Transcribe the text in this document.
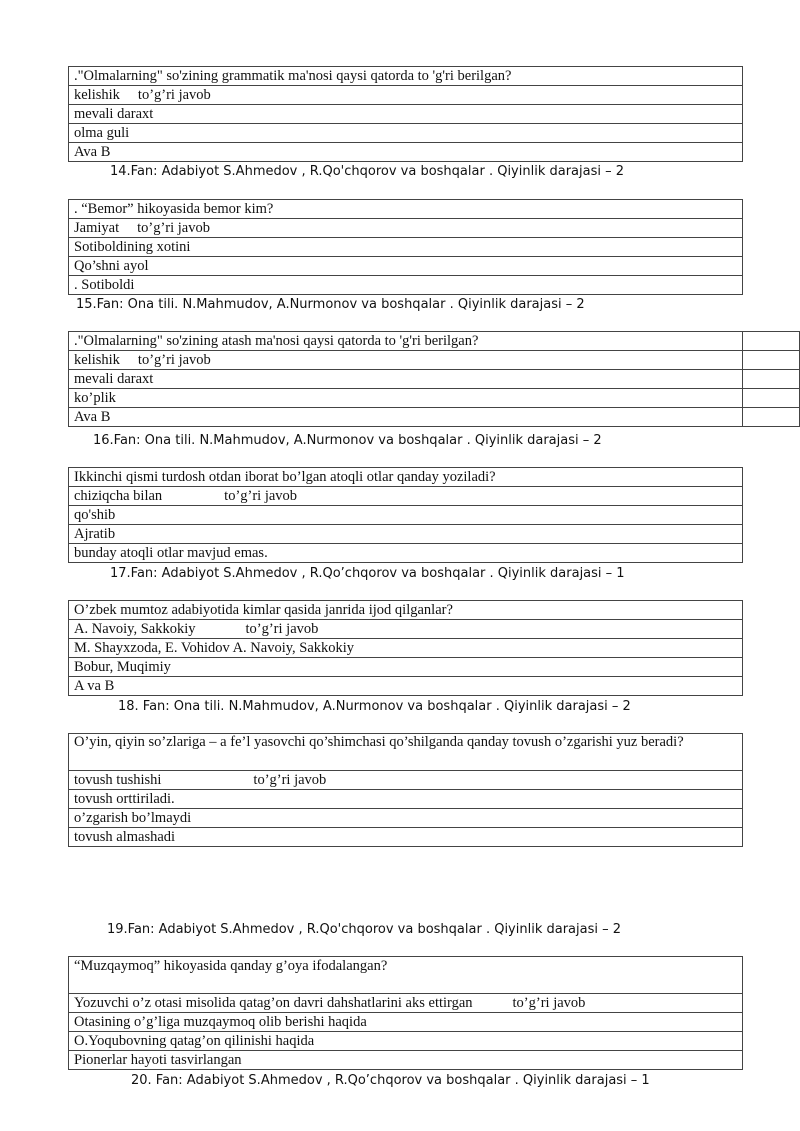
."Olmalarning" so'zining grammatik ma'nosi qaysi qatorda to 'g'ri berilgan?
kelishik to’g’ri javob
mevali daraxt
olma guli
Ava B
14.Fan: Adabiyot S.Ahmedov , R.Qo'chqorov va boshqalar . Qiyinlik darajasi – 2
. “Bemor” hikoyasida bemor kim?
Jamiyat to’g’ri javob
Sotiboldining xotini
Qo’shni ayol
. Sotiboldi
15.Fan: Ona tili. N.Mahmudov, A.Nurmonov va boshqalar . Qiyinlik darajasi – 2
."Olmalarning" so'zining atash ma'nosi qaysi qatorda to 'g'ri berilgan?	
kelishik to’g’ri javob	
mevali daraxt	
ko’plik	
Ava B	
16.Fan: Ona tili. N.Mahmudov, A.Nurmonov va boshqalar . Qiyinlik darajasi – 2
Ikkinchi qismi turdosh otdan iborat bo’lgan atoqli otlar qanday yoziladi?
chiziqcha bilan	to’g’ri javob
qo'shib
Ajratib
bunday atoqli otlar mavjud emas.
17.Fan: Adabiyot S.Ahmedov , R.Qo’chqorov va boshqalar . Qiyinlik darajasi – 1
O’zbek mumtoz adabiyotida kimlar qasida janrida ijod qilganlar?
A. Navoiy, Sakkokiy	to’g’ri javob
M. Shayxzoda, E. Vohidov A. Navoiy, Sakkokiy
Bobur, Muqimiy
A va B
18. Fan: Ona tili. N.Mahmudov, A.Nurmonov va boshqalar . Qiyinlik darajasi – 2
O’yin, qiyin so’zlariga – a fe’l yasovchi qo’shimchasi qo’shilganda qanday tovush o’zgarishi yuz beradi?
tovush tushishi	to’g’ri javob
tovush orttiriladi.
o’zgarish bo’lmaydi
tovush almashadi
19.Fan: Adabiyot S.Ahmedov , R.Qo'chqorov va boshqalar . Qiyinlik darajasi – 2
“Muzqaymoq” hikoyasida qanday g’oya ifodalangan?
Yozuvchi o’z otasi misolida qatag’on davri dahshatlarini aks ettirgan	to’g’ri javob
Otasining o’g’liga muzqaymoq olib berishi haqida
O.Yoqubovning qatag’on qilinishi haqida
Pionerlar hayoti tasvirlangan
20. Fan: Adabiyot S.Ahmedov , R.Qo’chqorov va boshqalar . Qiyinlik darajasi – 1
